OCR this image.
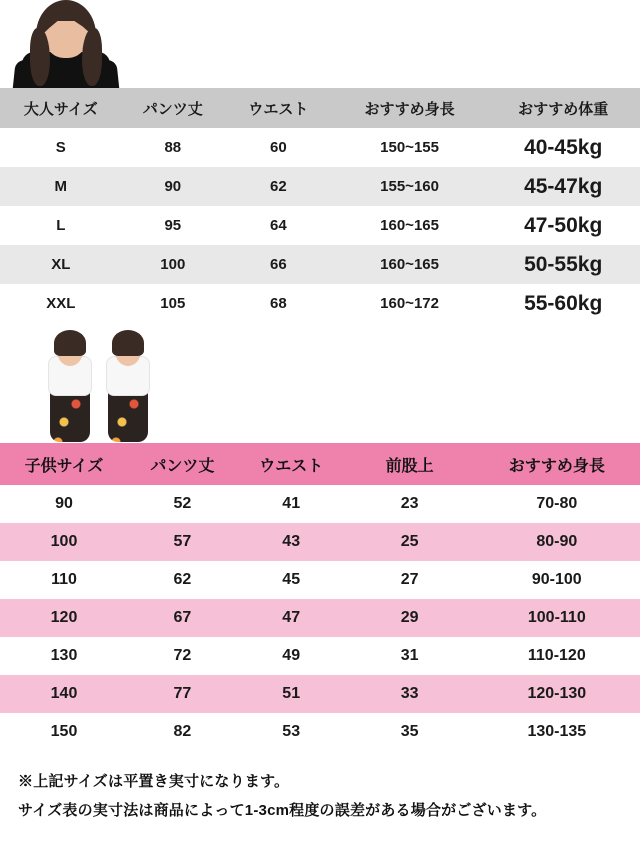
大人サイズ	パンツ丈	ウエスト	おすすめ身長	おすすめ体重
S	88	60	150~155	40-45kg
M	90	62	155~160	45-47kg
L	95	64	160~165	47-50kg
XL	100	66	160~165	50-55kg
XXL	105	68	160~172	55-60kg
子供サイズ	パンツ丈	ウエスト	前股上	おすすめ身長
90	52	41	23	70-80
100	57	43	25	80-90
110	62	45	27	90-100
120	67	47	29	100-110
130	72	49	31	110-120
140	77	51	33	120-130
150	82	53	35	130-135

※上記サイズは平置き実寸になります。

サイズ表の実寸法は商品によって1-3cm程度の誤差がある場合がございます。
